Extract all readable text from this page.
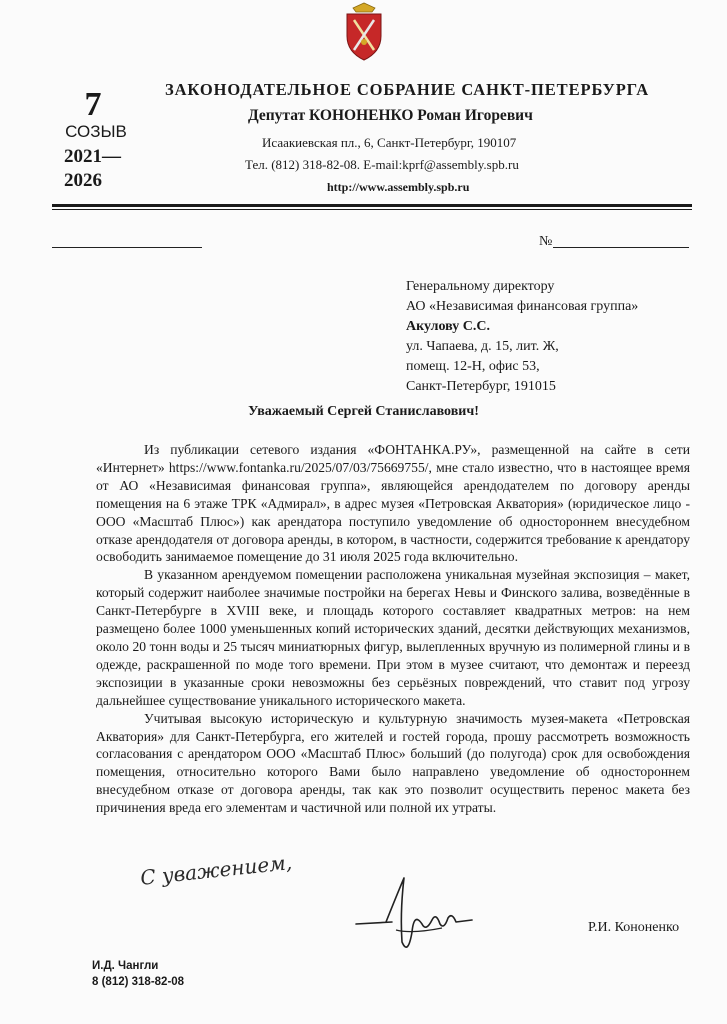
7
СОЗЫВ
2021—
2026
ЗАКОНОДАТЕЛЬНОЕ СОБРАНИЕ САНКТ-ПЕТЕРБУРГА
Депутат КОНОНЕНКО Роман Игоревич
Исаакиевская пл., 6, Санкт-Петербург, 190107
Тел. (812) 318-82-08. E-mail:kprf@assembly.spb.ru
http://www.assembly.spb.ru
№
Генеральному директору
АО «Независимая финансовая группа»
Акулову С.С.
ул. Чапаева, д. 15, лит. Ж,
помещ. 12-Н, офис 53,
Санкт-Петербург, 191015
Уважаемый Сергей Станиславович!

Из публикации сетевого издания «ФОНТАНКА.РУ», размещенной на сайте в сети «Интернет» https://www.fontanka.ru/2025/07/03/75669755/, мне стало известно, что в настоящее время от АО «Независимая финансовая группа», являющейся арендодателем по договору аренды помещения на 6 этаже ТРК «Адмирал», в адрес музея «Петровская Акватория» (юридическое лицо - ООО «Масштаб Плюс») как арендатора поступило уведомление об одностороннем внесудебном отказе арендодателя от договора аренды, в котором, в частности, содержится требование к арендатору освободить занимаемое помещение до 31 июля 2025 года включительно.

В указанном арендуемом помещении расположена уникальная музейная экспозиция – макет, который содержит наиболее значимые постройки на берегах Невы и Финского залива, возведённые в Санкт-Петербурге в XVIII веке, и площадь которого составляет квадратных метров: на нем размещено более 1000 уменьшенных копий исторических зданий, десятки действующих механизмов, около 20 тонн воды и 25 тысяч миниатюрных фигур, вылепленных вручную из полимерной глины и в одежде, раскрашенной по моде того времени. При этом в музее считают, что демонтаж и переезд экспозиции в указанные сроки невозможны без серьёзных повреждений, что ставит под угрозу дальнейшее существование уникального исторического макета.

Учитывая высокую историческую и культурную значимость музея-макета «Петровская Акватория» для Санкт-Петербурга, его жителей и гостей города, прошу рассмотреть возможность согласования с арендатором ООО «Масштаб Плюс» больший (до полугода) срок для освобождения помещения, относительно которого Вами было направлено уведомление об одностороннем внесудебном отказе от договора аренды, так как это позволит осуществить перенос макета без причинения вреда его элементам и частичной или полной их утраты.

С уважением,
Р.И. Кононенко
И.Д. Чангли
8 (812) 318-82-08
